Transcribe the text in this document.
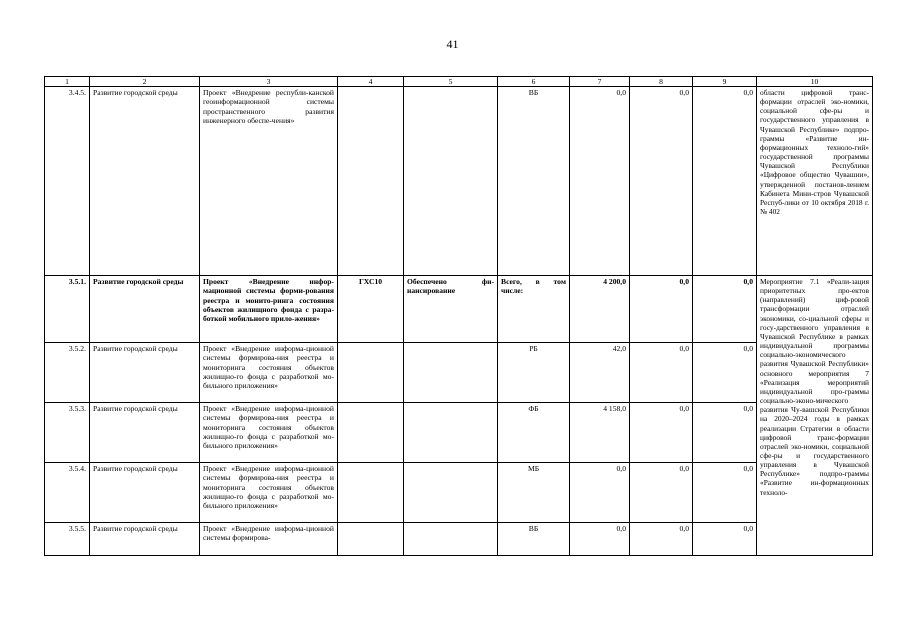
41
1	2	3	4	5	6	7	8	9	10
3.4.5.	Развитие городской среды	Проект «Внедрение республи-канской геоинформационной системы пространственного развития инженерного обеспе-чения»			ВБ	0,0	0,0	0,0	области цифровой транс-формации отраслей эко-номики, социальной сфе-ры и государственного управления в Чувашской Республике» подпро-граммы «Развитие ин-формационных техноло-гий» государственной программы Чувашской Республики «Цифровое общество Чувашии», утвержденной постанов-лением Кабинета Мини-стров Чувашской Респуб-лики от 10 октября 2018 г. № 402
3.5.1.	Развитие городской среды	Проект «Внедрение инфор-мационной системы форми-рования реестра и монито-ринга состояния объектов жилищного фонда с разра-боткой мобильного прило-жения»	ГХС10	Обеспечено фи-нансирование	Всего, в том числе:	4 200,0	0,0	0,0	Мероприятие 7.1 «Реали-зация приоритетных про-ектов (направлений) циф-ровой трансформации отраслей экономики, со-циальной сферы и госу-дарственного управления в Чувашской Республике в рамках индивидуальной программы социально-экономического развития Чувашской Республики» основного мероприятия 7 «Реализация мероприятий индивидуальной про-граммы социально-эконо-мического развития Чу-вашской Республики на 2020–2024 годы в рамках реализации Стратегии в области цифровой транс-формации отраслей эко-номики, социальной сфе-ры и государственного управления в Чувашской Республике» подпро-граммы «Развитие ин-формационных техноло-
3.5.2.	Развитие городской среды	Проект «Внедрение информа-ционной системы формирова-ния реестра и мониторинга состояния объектов жилищно-го фонда с разработкой мо-бильного приложения»			РБ	42,0	0,0	0,0	
3.5.3.	Развитие городской среды	Проект «Внедрение информа-ционной системы формирова-ния реестра и мониторинга состояния объектов жилищно-го фонда с разработкой мо-бильного приложения»			ФБ	4 158,0	0,0	0,0	
3.5.4.	Развитие городской среды	Проект «Внедрение информа-ционной системы формирова-ния реестра и мониторинга состояния объектов жилищно-го фонда с разработкой мо-бильного приложения»			МБ	0,0	0,0	0,0	
3.5.5.	Развитие городской среды	Проект «Внедрение информа-ционной системы формирова-			ВБ	0,0	0,0	0,0	
